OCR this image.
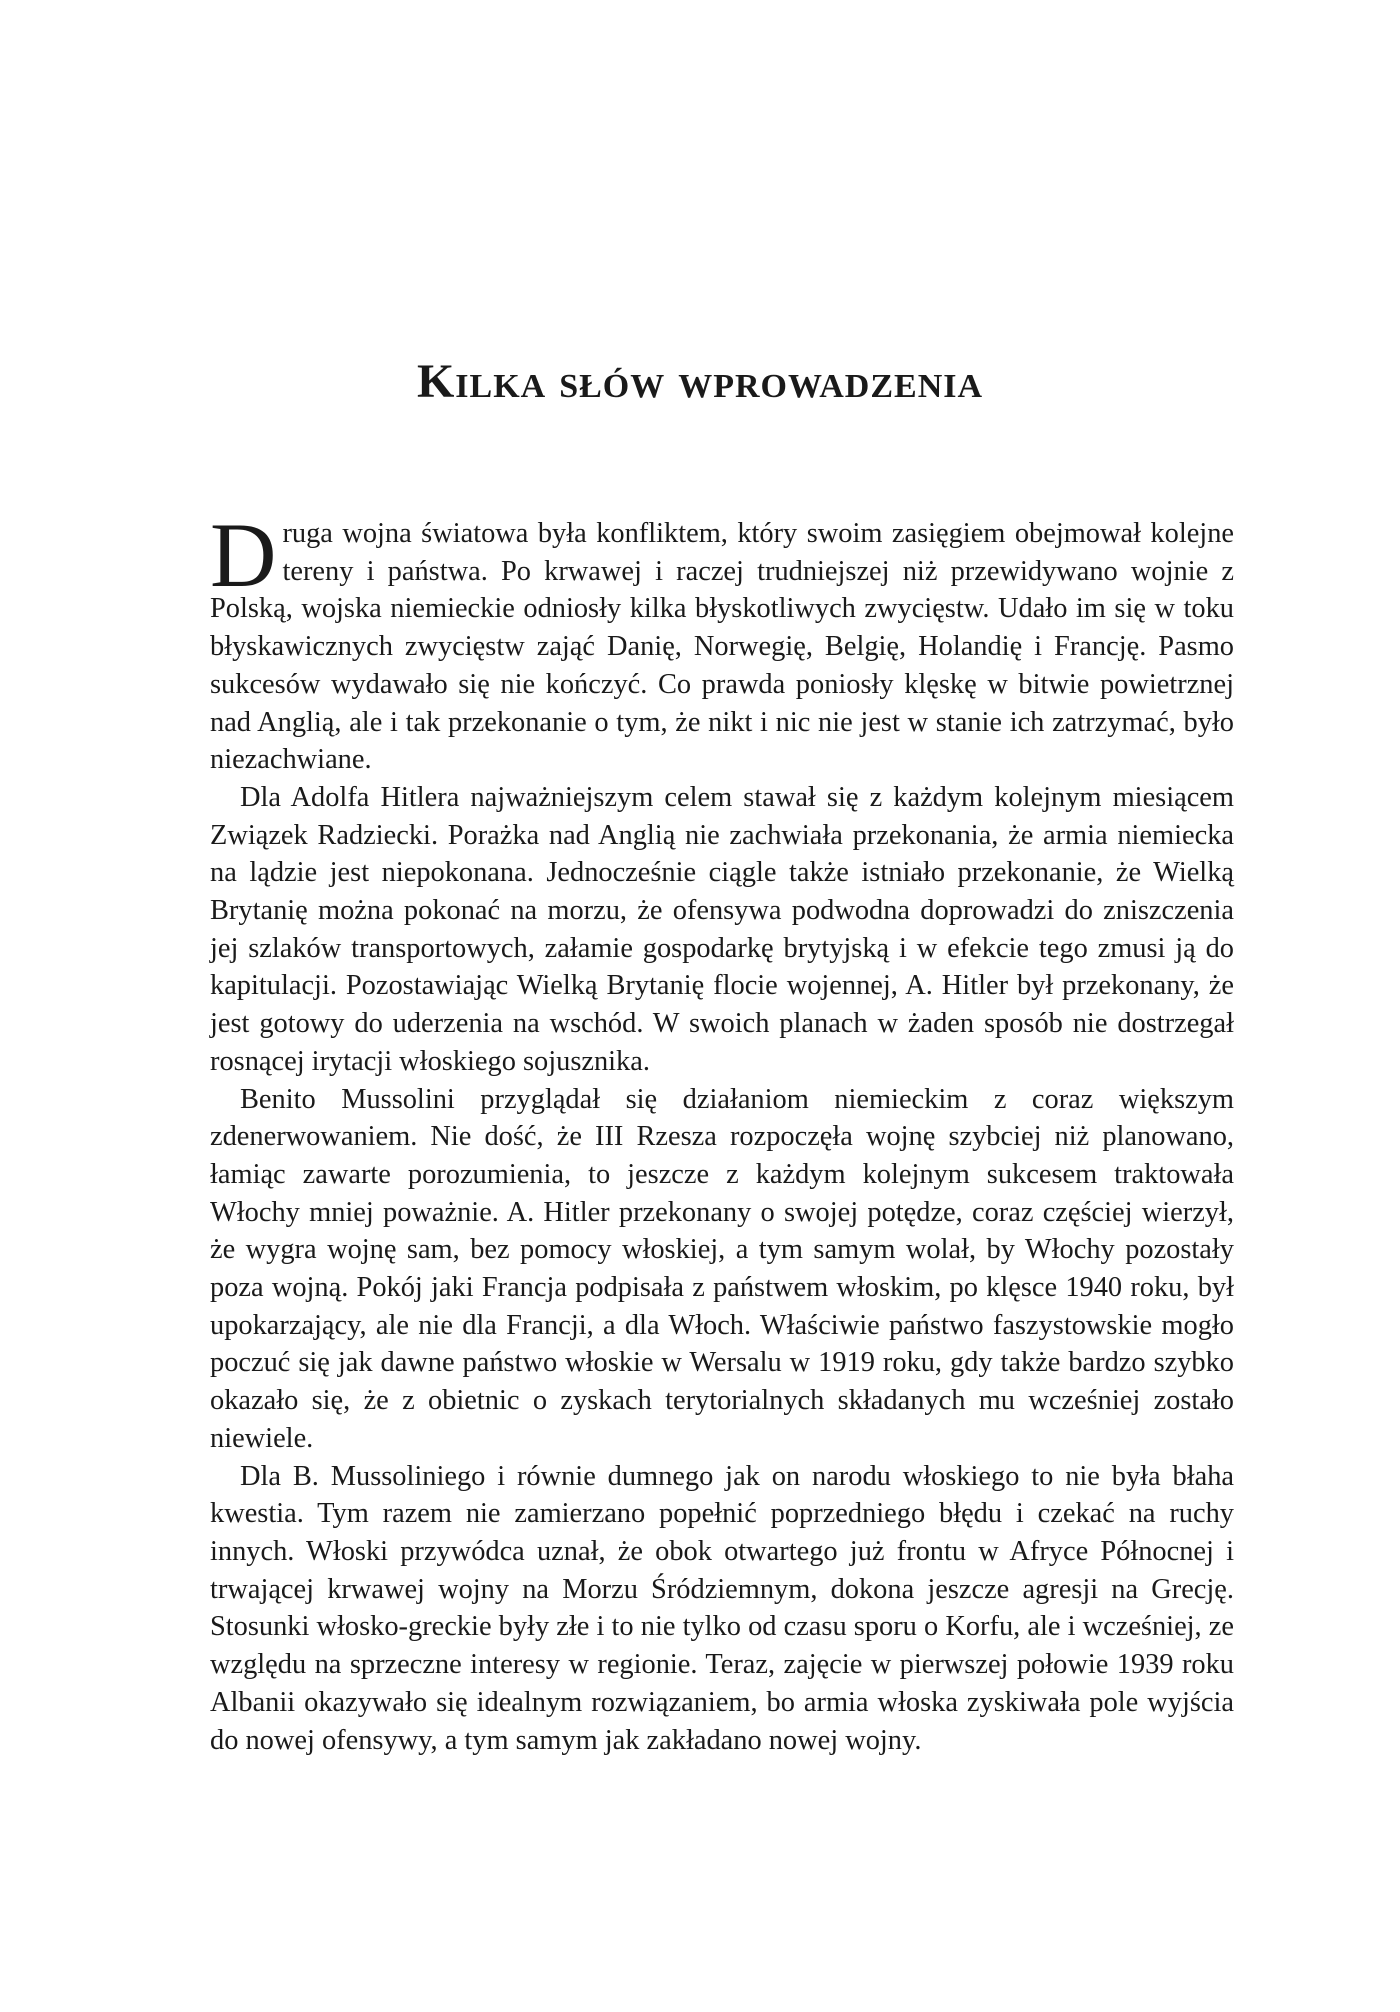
Kilka słów wprowadzenia

Druga wojna światowa była konfliktem, który swoim zasięgiem obejmował kolejne tereny i państwa. Po krwawej i raczej trudniejszej niż przewidywano wojnie z Polską, wojska niemieckie odniosły kilka błyskotliwych zwycięstw. Udało im się w toku błyskawicznych zwycięstw zająć Danię, Norwegię, Belgię, Holandię i Francję. Pasmo sukcesów wydawało się nie kończyć. Co prawda poniosły klęskę w bitwie powietrznej nad Anglią, ale i tak przekonanie o tym, że nikt i nic nie jest w stanie ich zatrzymać, było niezachwiane.

Dla Adolfa Hitlera najważniejszym celem stawał się z każdym kolejnym miesiącem Związek Radziecki. Porażka nad Anglią nie zachwiała przekonania, że armia niemiecka na lądzie jest niepokonana. Jednocześnie ciągle także istniało przekonanie, że Wielką Brytanię można pokonać na morzu, że ofensywa podwodna doprowadzi do zniszczenia jej szlaków transportowych, załamie gospodarkę brytyjską i w efekcie tego zmusi ją do kapitulacji. Pozostawiając Wielką Brytanię flocie wojennej, A. Hitler był przekonany, że jest gotowy do uderzenia na wschód. W swoich planach w żaden sposób nie dostrzegał rosnącej irytacji włoskiego sojusznika.

Benito Mussolini przyglądał się działaniom niemieckim z coraz większym zdenerwowaniem. Nie dość, że III Rzesza rozpoczęła wojnę szybciej niż planowano, łamiąc zawarte porozumienia, to jeszcze z każdym kolejnym sukcesem traktowała Włochy mniej poważnie. A. Hitler przekonany o swojej potędze, coraz częściej wierzył, że wygra wojnę sam, bez pomocy włoskiej, a tym samym wolał, by Włochy pozostały poza wojną. Pokój jaki Francja podpisała z państwem włoskim, po klęsce 1940 roku, był upokarzający, ale nie dla Francji, a dla Włoch. Właściwie państwo faszystowskie mogło poczuć się jak dawne państwo włoskie w Wersalu w 1919 roku, gdy także bardzo szybko okazało się, że z obietnic o zyskach terytorialnych składanych mu wcześniej zostało niewiele.

Dla B. Mussoliniego i równie dumnego jak on narodu włoskiego to nie była błaha kwestia. Tym razem nie zamierzano popełnić poprzedniego błędu i czekać na ruchy innych. Włoski przywódca uznał, że obok otwartego już frontu w Afryce Północnej i trwającej krwawej wojny na Morzu Śródziemnym, dokona jeszcze agresji na Grecję. Stosunki włosko-greckie były złe i to nie tylko od czasu sporu o Korfu, ale i wcześniej, ze względu na sprzeczne interesy w regionie. Teraz, zajęcie w pierwszej połowie 1939 roku Albanii okazywało się idealnym rozwiązaniem, bo armia włoska zyskiwała pole wyjścia do nowej ofensywy, a tym samym jak zakładano nowej wojny.
